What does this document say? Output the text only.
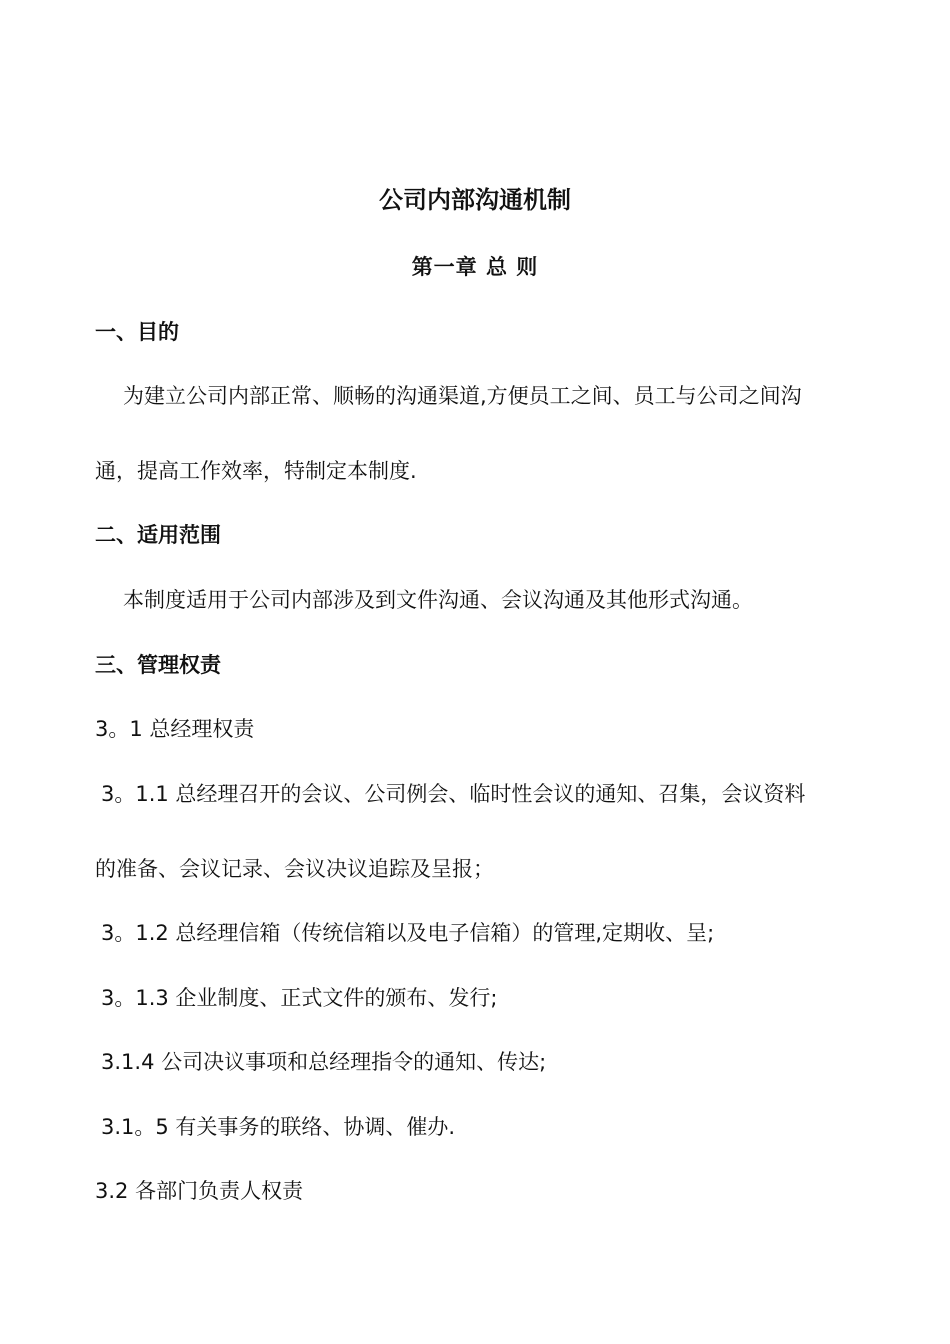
公司内部沟通机制
第一章 总 则
一、目的
为建立公司内部正常、顺畅的沟通渠道,方便员工之间、员工与公司之间沟
通，提高工作效率，特制定本制度.
二、适用范围
本制度适用于公司内部涉及到文件沟通、会议沟通及其他形式沟通。
三、管理权责
3。1 总经理权责
3。1.1 总经理召开的会议、公司例会、临时性会议的通知、召集，会议资料
的准备、会议记录、会议决议追踪及呈报；
3。1.2 总经理信箱（传统信箱以及电子信箱）的管理,定期收、呈;
3。1.3 企业制度、正式文件的颁布、发行;
3.1.4 公司决议事项和总经理指令的通知、传达;
3.1。5 有关事务的联络、协调、催办.
3.2 各部门负责人权责
